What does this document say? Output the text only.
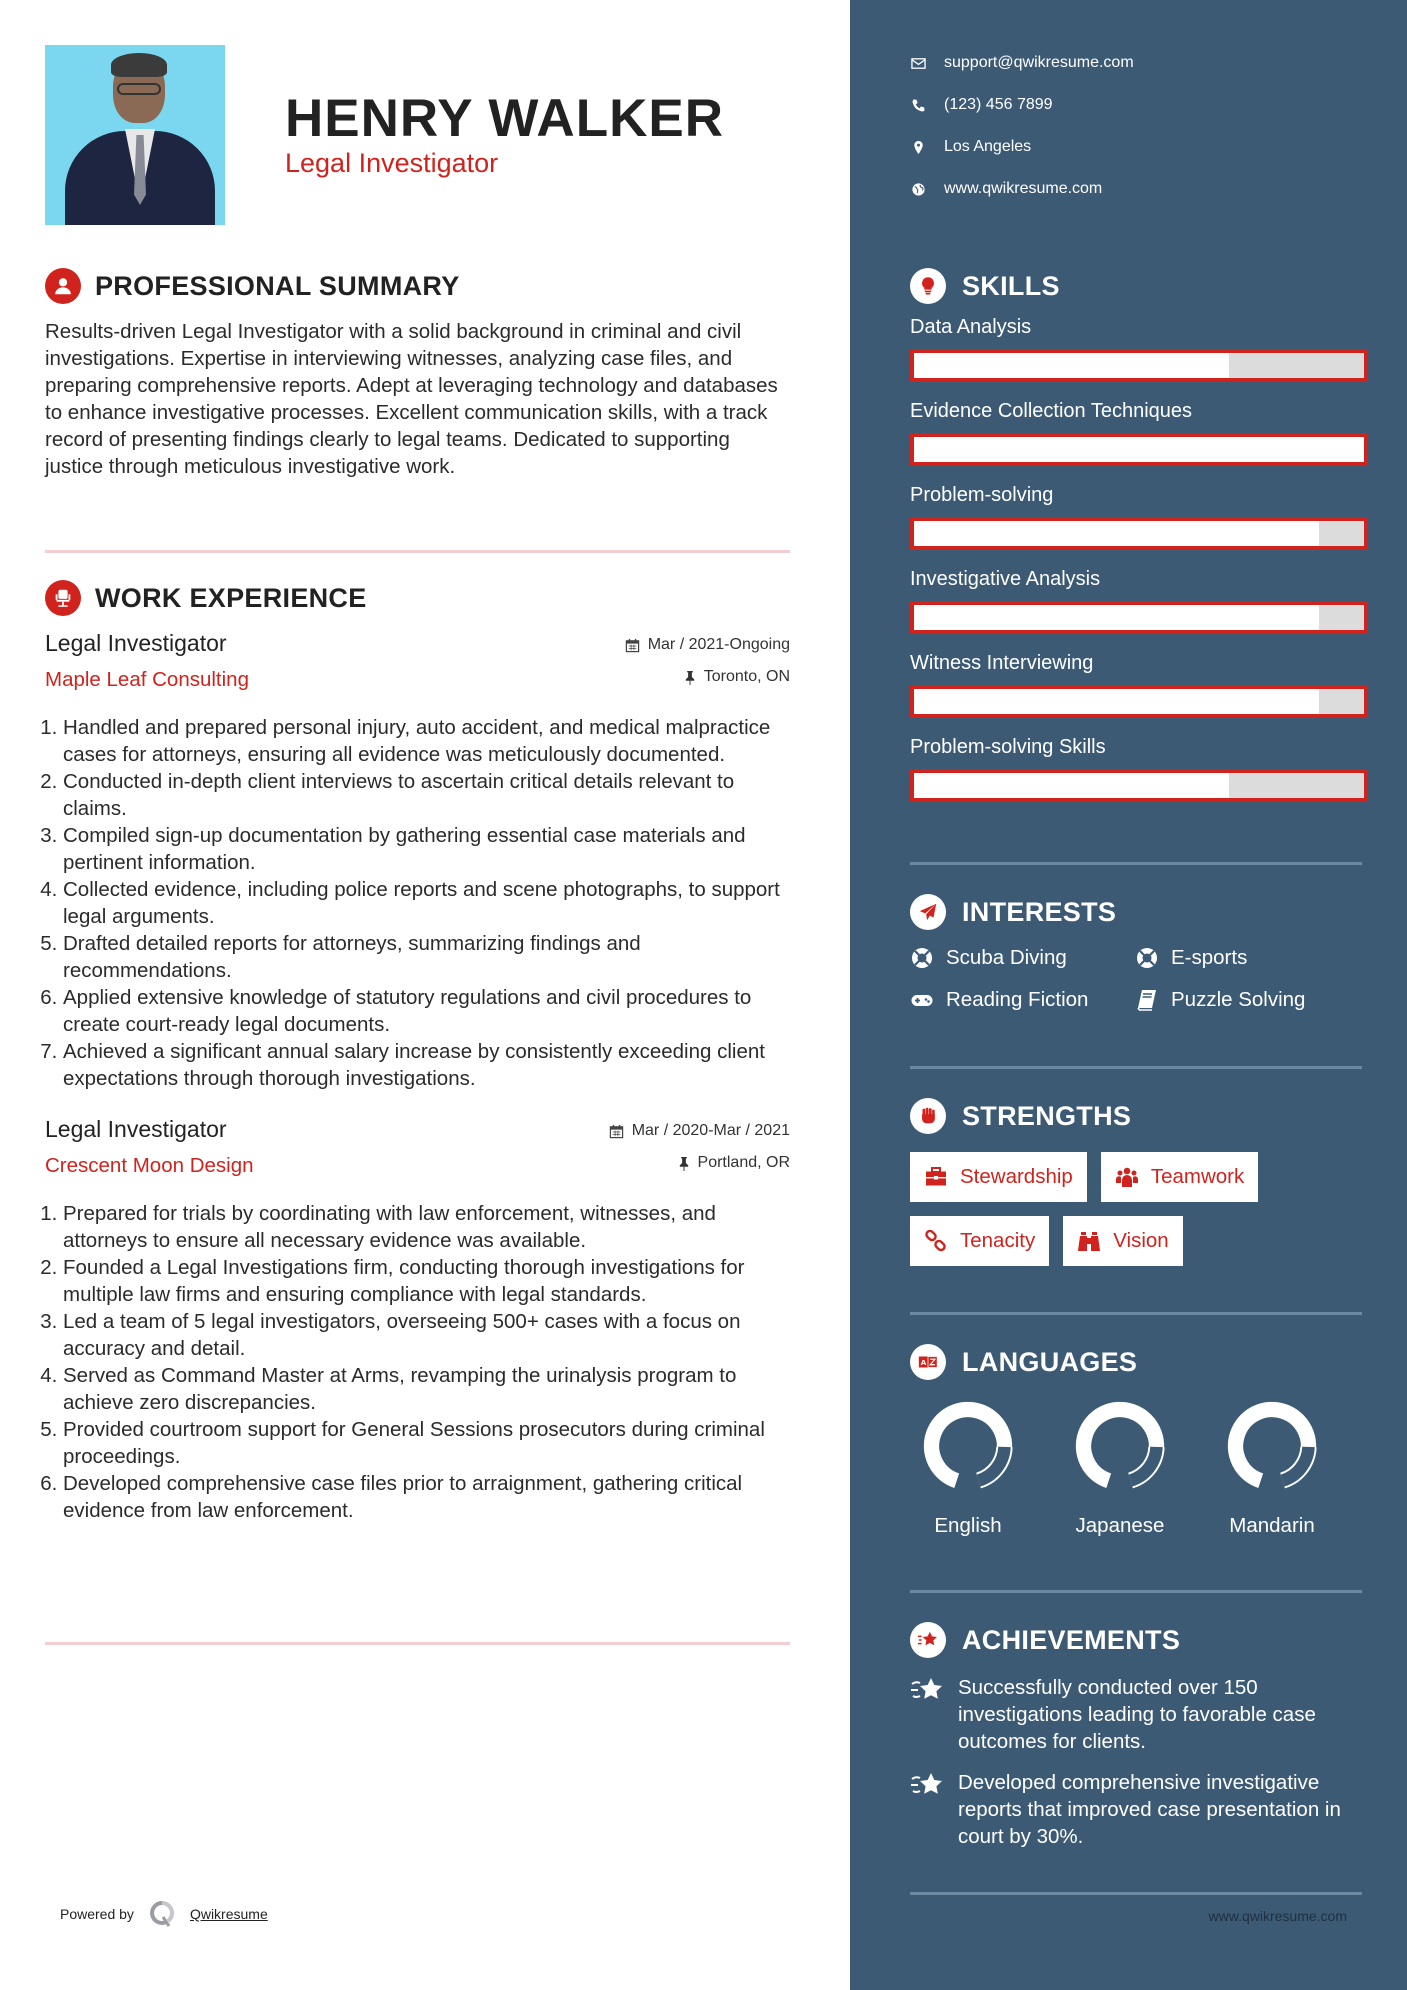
HENRY WALKER
Legal Investigator
PROFESSIONAL SUMMARY

Results-driven Legal Investigator with a solid background in criminal and civil investigations. Expertise in interviewing witnesses, analyzing case files, and preparing comprehensive reports. Adept at leveraging technology and databases to enhance investigative processes. Excellent communication skills, with a track record of presenting findings clearly to legal teams. Dedicated to supporting justice through meticulous investigative work.

WORK EXPERIENCE
Legal Investigator
Maple Leaf Consulting
Mar / 2021-Ongoing
Toronto, ON
1. Handled and prepared personal injury, auto accident, and medical malpractice cases for attorneys, ensuring all evidence was meticulously documented.
2. Conducted in-depth client interviews to ascertain critical details relevant to claims.
3. Compiled sign-up documentation by gathering essential case materials and pertinent information.
4. Collected evidence, including police reports and scene photographs, to support legal arguments.
5. Drafted detailed reports for attorneys, summarizing findings and recommendations.
6. Applied extensive knowledge of statutory regulations and civil procedures to create court-ready legal documents.
7. Achieved a significant annual salary increase by consistently exceeding client expectations through thorough investigations.
Legal Investigator
Crescent Moon Design
Mar / 2020-Mar / 2021
Portland, OR
1. Prepared for trials by coordinating with law enforcement, witnesses, and attorneys to ensure all necessary evidence was available.
2. Founded a Legal Investigations firm, conducting thorough investigations for multiple law firms and ensuring compliance with legal standards.
3. Led a team of 5 legal investigators, overseeing 500+ cases with a focus on accuracy and detail.
4. Served as Command Master at Arms, revamping the urinalysis program to achieve zero discrepancies.
5. Provided courtroom support for General Sessions prosecutors during criminal proceedings.
6. Developed comprehensive case files prior to arraignment, gathering critical evidence from law enforcement.
Powered by	Qwikresume
support@qwikresume.com
(123) 456 7899
Los Angeles
www.qwikresume.com
SKILLS
Data Analysis
Evidence Collection Techniques
Problem-solving
Investigative Analysis
Witness Interviewing
Problem-solving Skills
INTERESTS
Scuba Diving	E-sports
Reading Fiction	Puzzle Solving
STRENGTHS
Stewardship	Teamwork
Tenacity	Vision
A LANGUAGES
English	Japanese	Mandarin
ACHIEVEMENTS
Successfully conducted over 150 investigations leading to favorable case outcomes for clients.
Developed comprehensive investigative reports that improved case presentation in court by 30%.
www.qwikresume.com
